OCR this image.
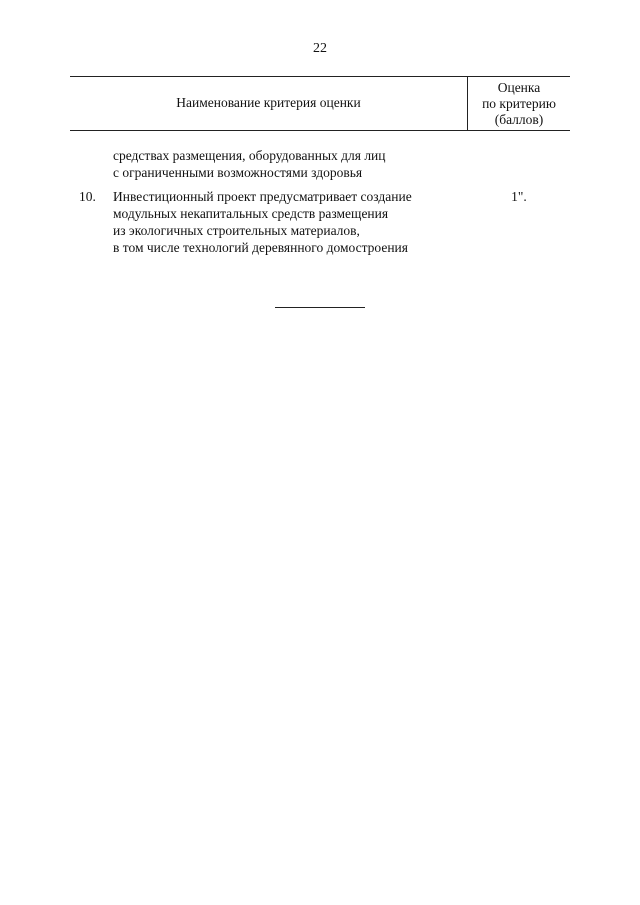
22
Наименование критерия оценки
Оценка
по критерию
(баллов)
средствах размещения, оборудованных для лиц
с ограниченными возможностями здоровья
10. Инвестиционный проект предусматривает создание
модульных некапитальных средств размещения
из экологичных строительных материалов,
в том числе технологий деревянного домостроения
1".
